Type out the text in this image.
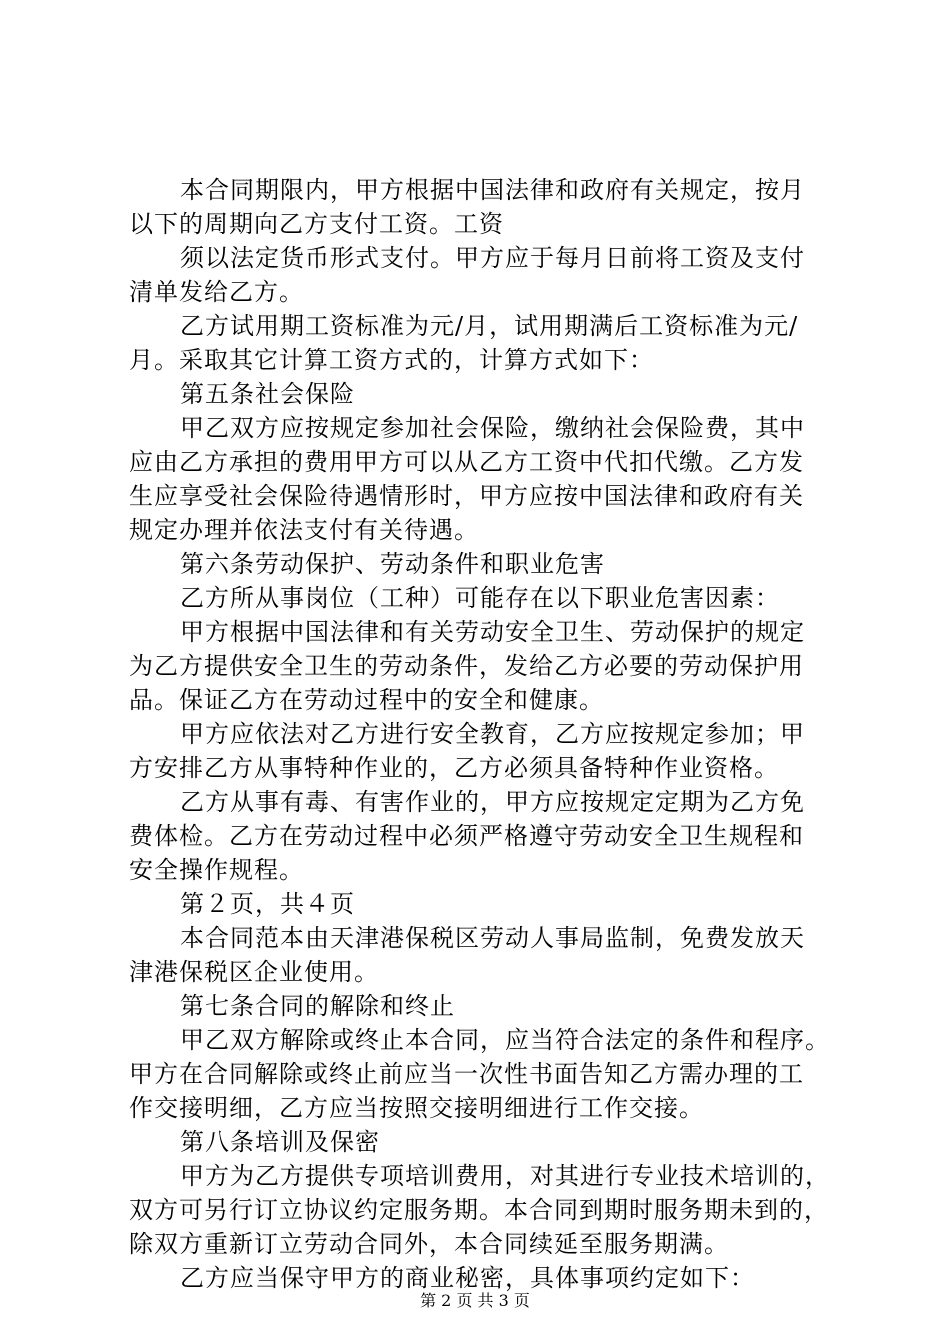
本合同期限内，甲方根据中国法律和政府有关规定，按月
以下的周期向乙方支付工资。工资
须以法定货币形式支付。甲方应于每月日前将工资及支付
清单发给乙方。
乙方试用期工资标准为元/月，试用期满后工资标准为元/
月。采取其它计算工资方式的，计算方式如下：
第五条社会保险
甲乙双方应按规定参加社会保险，缴纳社会保险费，其中
应由乙方承担的费用甲方可以从乙方工资中代扣代缴。乙方发
生应享受社会保险待遇情形时，甲方应按中国法律和政府有关
规定办理并依法支付有关待遇。
第六条劳动保护、劳动条件和职业危害
乙方所从事岗位（工种）可能存在以下职业危害因素：
甲方根据中国法律和有关劳动安全卫生、劳动保护的规定
为乙方提供安全卫生的劳动条件，发给乙方必要的劳动保护用
品。保证乙方在劳动过程中的安全和健康。
甲方应依法对乙方进行安全教育，乙方应按规定参加；甲
方安排乙方从事特种作业的，乙方必须具备特种作业资格。
乙方从事有毒、有害作业的，甲方应按规定定期为乙方免
费体检。乙方在劳动过程中必须严格遵守劳动安全卫生规程和
安全操作规程。
第２页，共４页
本合同范本由天津港保税区劳动人事局监制，免费发放天
津港保税区企业使用。
第七条合同的解除和终止
甲乙双方解除或终止本合同，应当符合法定的条件和程序。
甲方在合同解除或终止前应当一次性书面告知乙方需办理的工
作交接明细，乙方应当按照交接明细进行工作交接。
第八条培训及保密
甲方为乙方提供专项培训费用，对其进行专业技术培训的，
双方可另行订立协议约定服务期。本合同到期时服务期未到的，
除双方重新订立劳动合同外，本合同续延至服务期满。
乙方应当保守甲方的商业秘密，具体事项约定如下：
第 2 页 共 3 页
